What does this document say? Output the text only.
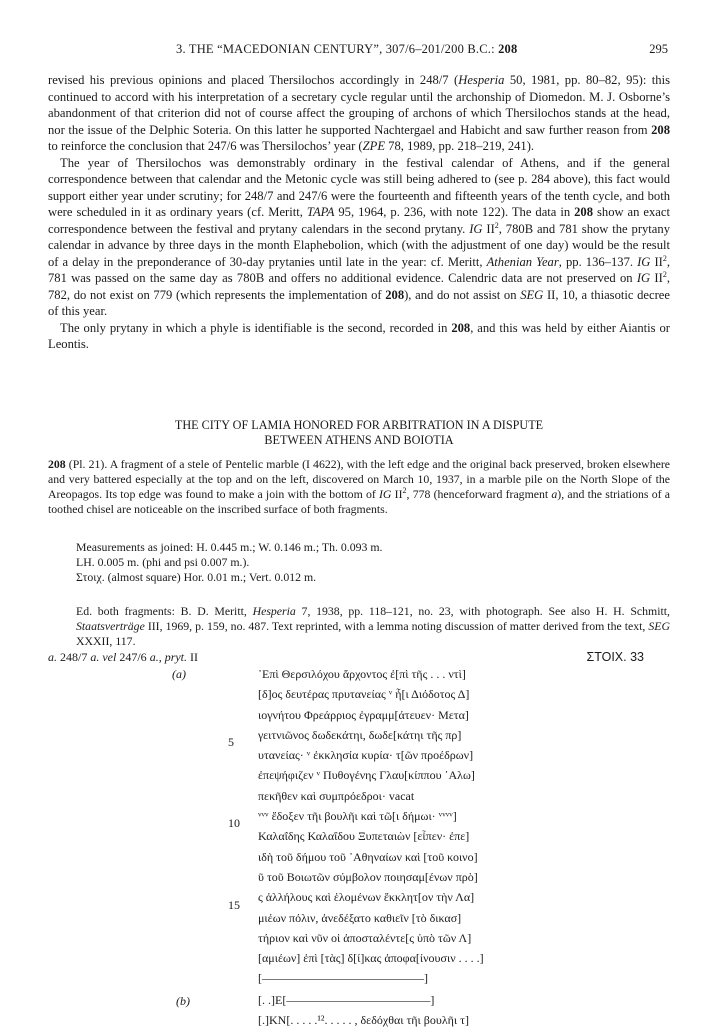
3. THE “MACEDONIAN CENTURY”, 307/6–201/200 B.C.: 208	295

revised his previous opinions and placed Thersilochos accordingly in 248/7 (Hesperia 50, 1981, pp. 80–82, 95): this continued to accord with his interpretation of a secretary cycle regular until the archonship of Diomedon. M. J. Osborne’s abandonment of that criterion did not of course affect the grouping of archons of which Thersilochos stands at the head, nor the issue of the Delphic Soteria. On this latter he supported Nachtergael and Habicht and saw further reason from 208 to reinforce the conclusion that 247/6 was Thersilochos’ year (ZPE 78, 1989, pp. 218–219, 241).

The year of Thersilochos was demonstrably ordinary in the festival calendar of Athens, and if the general correspondence between that calendar and the Metonic cycle was still being adhered to (see p. 284 above), this fact would support either year under scrutiny; for 248/7 and 247/6 were the fourteenth and fifteenth years of the tenth cycle, and both were scheduled in it as ordinary years (cf. Meritt, TAPA 95, 1964, p. 236, with note 122). The data in 208 show an exact correspondence between the festival and prytany calendars in the second prytany. IG $II^2$, 780B and 781 show the prytany calendar in advance by three days in the month Elaphebolion, which (with the adjustment of one day) would be the result of a delay in the preponderance of 30-day prytanies until late in the year: cf. Meritt, Athenian Year, pp. 136–137. IG $II^2$, 781 was passed on the same day as 780B and offers no additional evidence. Calendric data are not preserved on IG $II^2$, 782, do not exist on 779 (which represents the implementation of 208), and do not assist on SEG II, 10, a thiasotic decree of this year.

The only prytany in which a phyle is identifiable is the second, recorded in 208, and this was held by either Aiantis or Leontis.

THE CITY OF LAMIA HONORED FOR ARBITRATION IN A DISPUTE
BETWEEN ATHENS AND BOIOTIA
208 (Pl. 21). A fragment of a stele of Pentelic marble (I 4622), with the left edge and the original back preserved, broken elsewhere and very battered especially at the top and on the left, discovered on March 10, 1937, in a marble pile on the North Slope of the Areopagos. Its top edge was found to make a join with the bottom of IG $II^2$, 778 (henceforward fragment a), and the striations of a toothed chisel are noticeable on the inscribed surface of both fragments.
Measurements as joined: H. 0.445 m.; W. 0.146 m.; Th. 0.093 m.
LH. 0.005 m. (phi and psi 0.007 m.).
Στοιχ. (almost square) Hor. 0.01 m.; Vert. 0.012 m.

Ed. both fragments: B. D. Meritt, Hesperia 7, 1938, pp. 118–121, no. 23, with photograph. See also H. H. Schmitt, Staatsverträge III, 1969, p. 159, no. 487. Text reprinted, with a lemma noting discussion of matter derived from the text, SEG XXXII, 117.

a. 248/7 a. vel 247/6 a., pryt. II	ΣΤΟΙΧ. 33
(a)
(b)
5
10
15
᾿Επὶ Θερσιλόχου ἄρχοντος ἐ[πὶ τῆς . . . ντὶ]
[δ]ος δευτέρας πρυτανείας ᵛ ἧ[ι Διόδοτος Δ]
ιογνήτου Φρεάρριος ἐγραμμ[άτευεν· Μετα]
γειτνιῶνος δωδεκάτηι, δωδε[κάτηι τῆς πρ]
υτανείας· ᵛ ἐκκλησία κυρία· τ[ῶν προέδρων]
ἐπεψήφιζεν ᵛ Πυθογένης Γλαυ[κίππου ᾿Αλω]
πεκῆθεν καὶ συμπρόεδροι· vacat
ᵛᵛᵛ ἔδοξεν τῆι βουλῆι καὶ τῶ[ι δήμωι· ᵛᵛᵛᵛ]
Καλαΐδης Καλαΐδου Ξυπεταιὼν [εἶπεν· ἐπε]
ιδὴ τοῦ δήμου τοῦ ᾿Αθηναίων καὶ [τοῦ κοινο]
ῦ τοῦ Βοιωτῶν σύμβολον ποιησαμ[ένων πρὸ]
ς ἀλλήλους καὶ ἑλομένων ἔκκλητ[ον τὴν Λα]
μιέων πόλιν, ἀνεδέξατο καθιεῖν [τὸ δικασ]
τήριον καὶ νῦν οἱ ἀποσταλέντε[ς ὑπὸ τῶν Λ]
[αμιέων] ἐπὶ [τὰς] δ[ί]κας ἀποφα[ίνουσιν . . . .]
[–––––––––––––––––––––––––––]
[. .]Ε[––––––––––––––––––––––––]
[.]ΚΝ[. . . . .¹². . . . . , δεδόχθαι τῆι βουλῆι τ]
